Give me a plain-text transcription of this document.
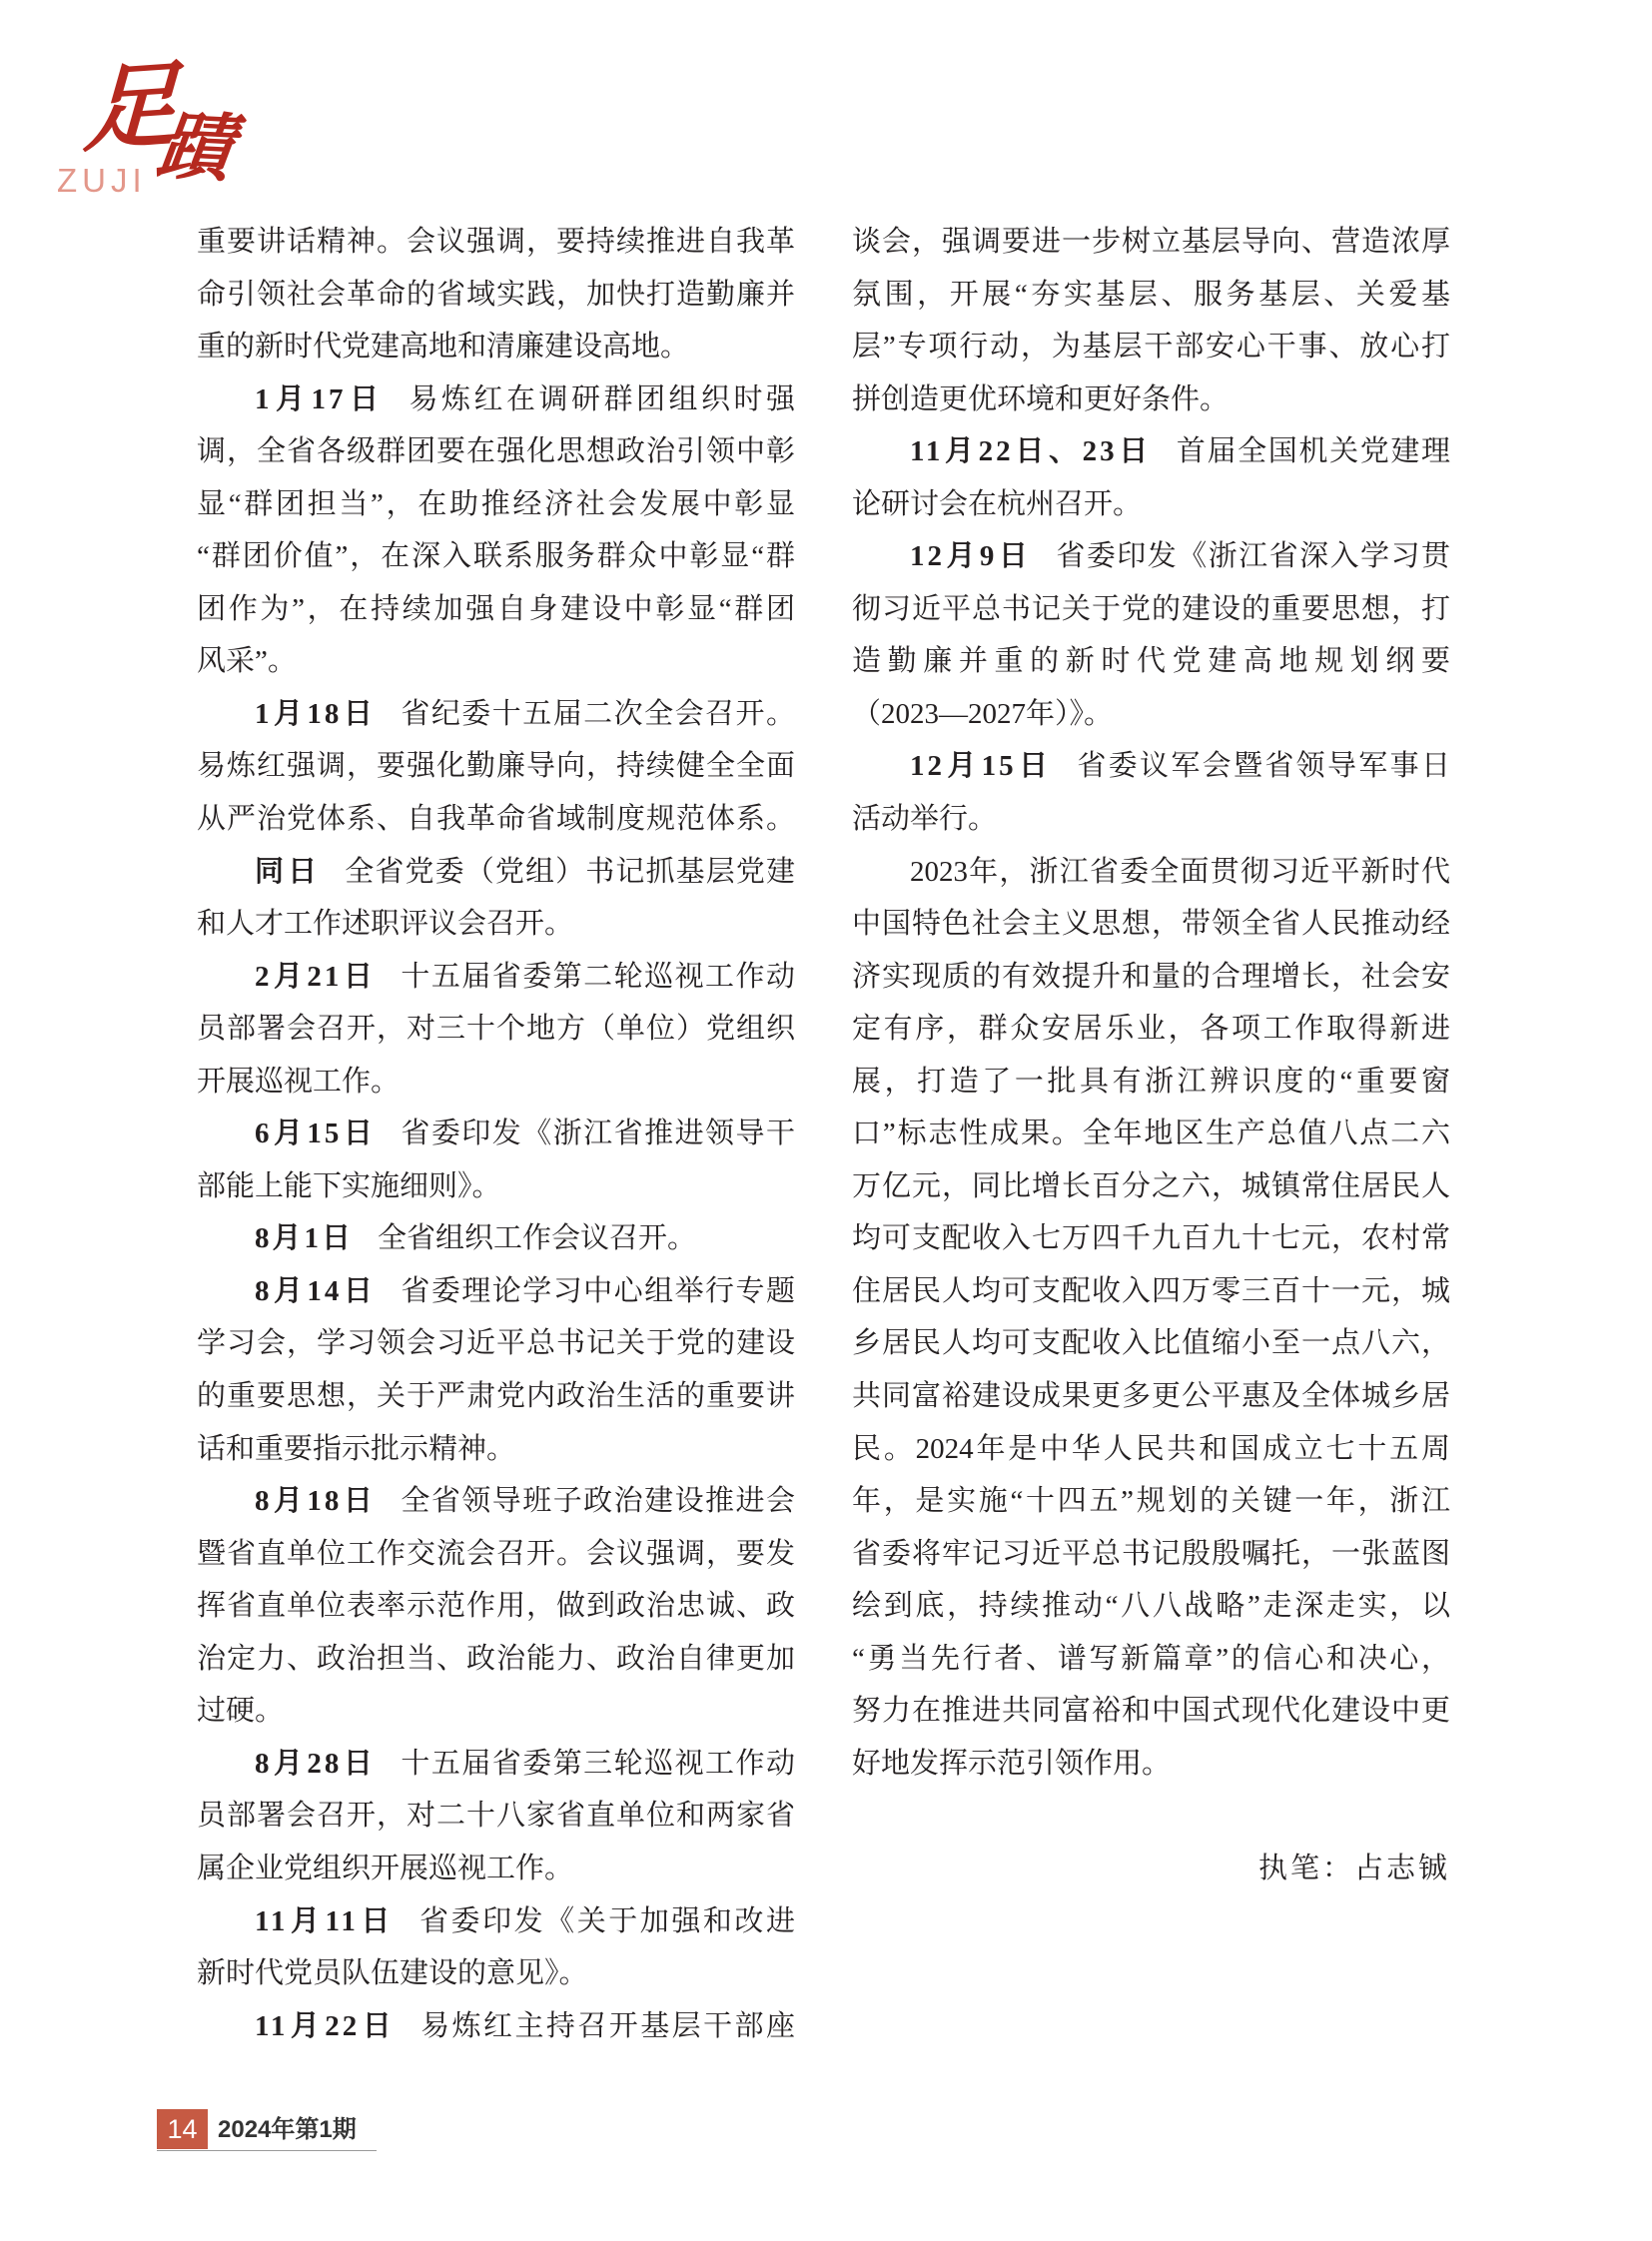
足
蹟
ZUJI
重要讲话精神。会议强调，要持续推进自我革
命引领社会革命的省域实践，加快打造勤廉并
重的新时代党建高地和清廉建设高地。
1月17日 易炼红在调研群团组织时强
调，全省各级群团要在强化思想政治引领中彰
显“群团担当”，在助推经济社会发展中彰显
“群团价值”，在深入联系服务群众中彰显“群
团作为”，在持续加强自身建设中彰显“群团
风采”。
1月18日 省纪委十五届二次全会召开。
易炼红强调，要强化勤廉导向，持续健全全面
从严治党体系、自我革命省域制度规范体系。
同日 全省党委（党组）书记抓基层党建
和人才工作述职评议会召开。
2月21日 十五届省委第二轮巡视工作动
员部署会召开，对三十个地方（单位）党组织
开展巡视工作。
6月15日 省委印发《浙江省推进领导干
部能上能下实施细则》。
8月1日 全省组织工作会议召开。
8月14日 省委理论学习中心组举行专题
学习会，学习领会习近平总书记关于党的建设
的重要思想，关于严肃党内政治生活的重要讲
话和重要指示批示精神。
8月18日 全省领导班子政治建设推进会
暨省直单位工作交流会召开。会议强调，要发
挥省直单位表率示范作用，做到政治忠诚、政
治定力、政治担当、政治能力、政治自律更加
过硬。
8月28日 十五届省委第三轮巡视工作动
员部署会召开，对二十八家省直单位和两家省
属企业党组织开展巡视工作。
11月11日 省委印发《关于加强和改进
新时代党员队伍建设的意见》。
11月22日 易炼红主持召开基层干部座
谈会，强调要进一步树立基层导向、营造浓厚
氛围，开展“夯实基层、服务基层、关爱基
层”专项行动，为基层干部安心干事、放心打
拼创造更优环境和更好条件。
11月22日、23日 首届全国机关党建理
论研讨会在杭州召开。
12月9日 省委印发《浙江省深入学习贯
彻习近平总书记关于党的建设的重要思想，打
造勤廉并重的新时代党建高地规划纲要
（2023—2027年）》。
12月15日 省委议军会暨省领导军事日
活动举行。
2023年，浙江省委全面贯彻习近平新时代
中国特色社会主义思想，带领全省人民推动经
济实现质的有效提升和量的合理增长，社会安
定有序，群众安居乐业，各项工作取得新进
展，打造了一批具有浙江辨识度的“重要窗
口”标志性成果。全年地区生产总值八点二六
万亿元，同比增长百分之六，城镇常住居民人
均可支配收入七万四千九百九十七元，农村常
住居民人均可支配收入四万零三百十一元，城
乡居民人均可支配收入比值缩小至一点八六，
共同富裕建设成果更多更公平惠及全体城乡居
民。2024年是中华人民共和国成立七十五周
年，是实施“十四五”规划的关键一年，浙江
省委将牢记习近平总书记殷殷嘱托，一张蓝图
绘到底，持续推动“八八战略”走深走实，以
“勇当先行者、谱写新篇章”的信心和决心，
努力在推进共同富裕和中国式现代化建设中更
好地发挥示范引领作用。
执笔：占志铖
14 2024年第1期
